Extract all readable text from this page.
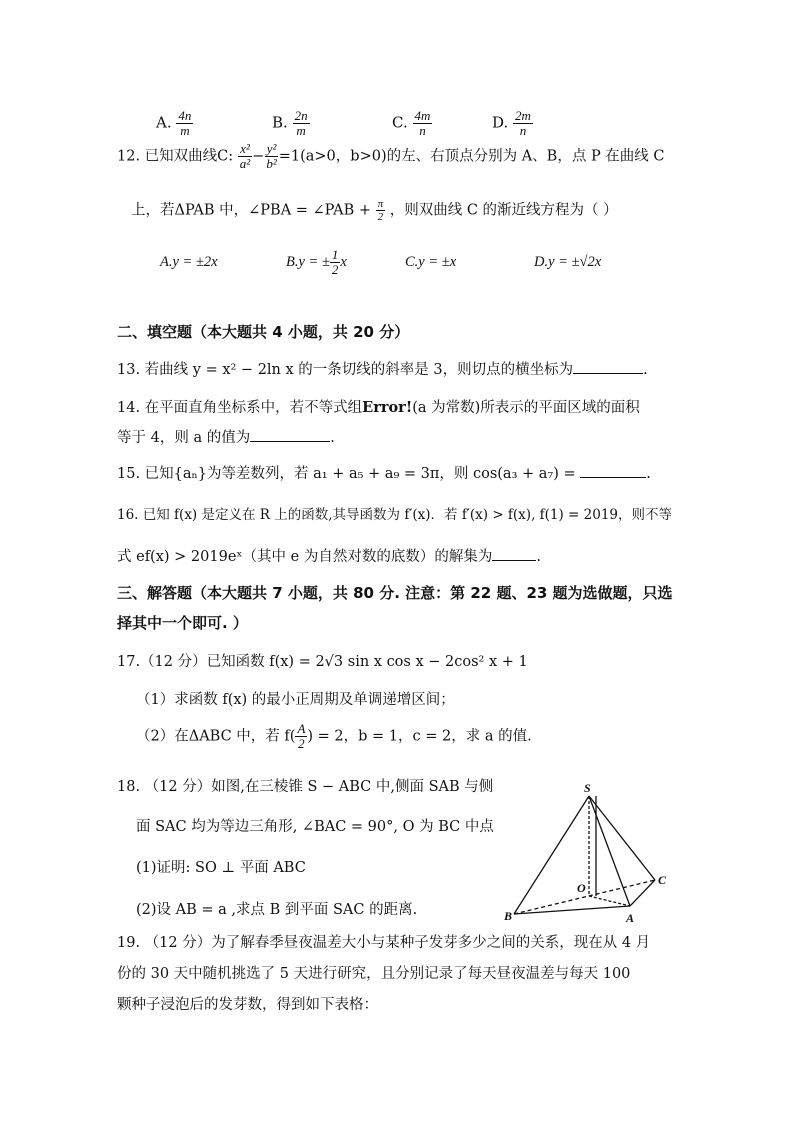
A. $\frac{4n}{m}$	B. $\frac{2n}{m}$	C. $\frac{4m}{n}$	D. $\frac{2m}{n}$
12. 已知双曲线C: $\frac{\text{x²}}{\text{a²}} - \frac{\text{y²}}{\text{b²}} =1(a>0$，b>0)的左、右顶点分别为 A、B，点 P 在曲线 C
上，若ΔPAB 中，∠PBA = ∠PAB + $\frac{\pi}{2}$ ，则双曲线 C 的渐近线方程为（ ）
A.y = ±2x	B.y = ± $\frac{1}{2}$ x	C.y = ±x	D.y = ±√2x
二、填空题（本大题共 4 小题，共 20 分）
13. 若曲线 y = x² − 2ln x 的一条切线的斜率是 3，则切点的横坐标为	.
14. 在平面直角坐标系中，若不等式组Error!(a 为常数)所表示的平面区域的面积
等于 4，则 a 的值为	.
15. 已知{aₙ}为等差数列，若 a₁ + a₅ + a₉ = 3π，则 cos(a₃ + a₇) =	.
16. 已知 f(x) 是定义在 R 上的函数,其导函数为 f′(x)．若 f′(x) > f(x), f(1) = 2019，则不等
式 ef(x) > 2019eˣ（其中 e 为自然对数的底数）的解集为	.
三、解答题（本大题共 7 小题，共 80 分. 注意：第 22 题、23 题为选做题，只选
择其中一个即可. ）
17.（12 分）已知函数 f(x) = 2√3 sin x cos x − 2cos² x + 1
（1）求函数 f(x) 的最小正周期及单调递增区间；
（2）在ΔABC 中，若 $f( \frac{A}{2}$ ) = 2，b = 1，c = 2，求 a 的值.
18. （12 分）如图,在三棱锥 S − ABC 中,侧面 SAB 与侧
面 SAC 均为等边三角形, ∠BAC = 90°, O 为 BC 中点
(1)证明: SO ⊥ 平面 ABC
(2)设 AB = a ,求点 B 到平面 SAC 的距离.
S
O
C
B	A
19. （12 分）为了解春季昼夜温差大小与某种子发芽多少之间的关系，现在从 4 月
份的 30 天中随机挑选了 5 天进行研究，且分别记录了每天昼夜温差与每天 100
颗种子浸泡后的发芽数，得到如下表格：
